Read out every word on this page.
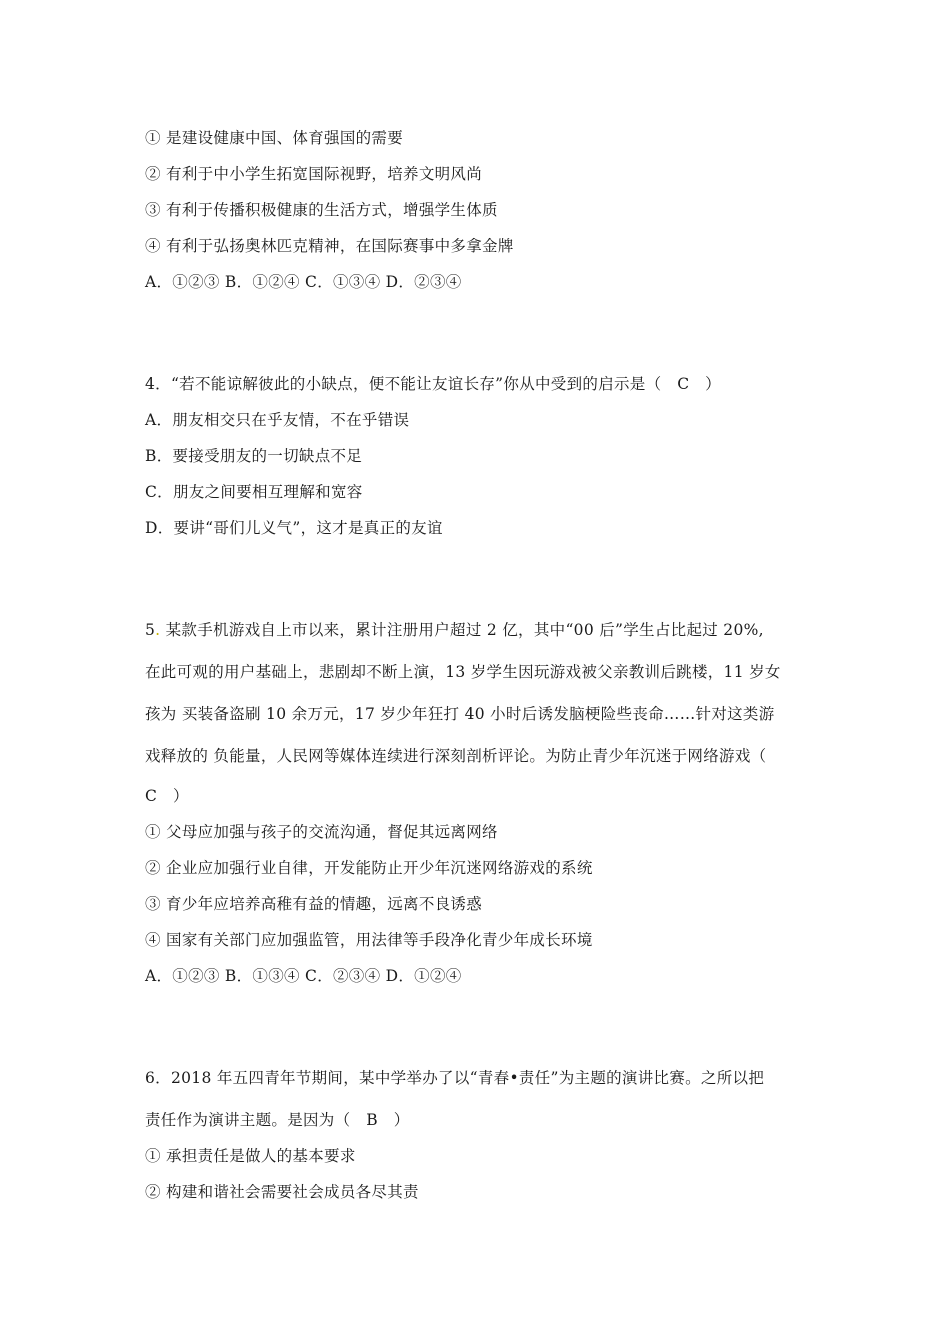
① 是建设健康中国、体育强国的需要
② 有利于中小学生拓宽国际视野，培养文明风尚
③ 有利于传播积极健康的生活方式，增强学生体质
④ 有利于弘扬奥林匹克精神，在国际赛事中多拿金牌
A．①②③ B．①②④ C．①③④ D．②③④
4．“若不能谅解彼此的小缺点，便不能让友谊长存”你从中受到的启示是（　C　）
A．朋友相交只在乎友情，不在乎错误
B．要接受朋友的一切缺点不足
C．朋友之间要相互理解和宽容
D．要讲“哥们儿义气”，这才是真正的友谊
5. 某款手机游戏自上市以来，累计注册用户超过 2 亿，其中“00 后”学生占比起过 20%,
在此可观的用户基础上，悲剧却不断上演，13 岁学生因玩游戏被父亲教训后跳楼，11 岁女
孩为 买装备盗刷 10 余万元，17 岁少年狂打 40 小时后诱发脑梗险些丧命……针对这类游
戏释放的 负能量，人民网等媒体连续进行深刻剖析评论。为防止青少年沉迷于网络游戏（
C　）
① 父母应加强与孩子的交流沟通，督促其远离网络
② 企业应加强行业自律，开发能防止开少年沉迷网络游戏的系统
③ 育少年应培养高稚有益的情趣，远离不良诱惑
④ 国家有关部门应加强监管，用法律等手段净化青少年成长环境
A．①②③ B．①③④ C．②③④ D．①②④
6．2018 年五四青年节期间，某中学举办了以“青春•责任”为主题的演讲比赛。之所以把
责任作为演讲主题。是因为（　B　）
① 承担责任是做人的基本要求
② 构建和谐社会需要社会成员各尽其责
